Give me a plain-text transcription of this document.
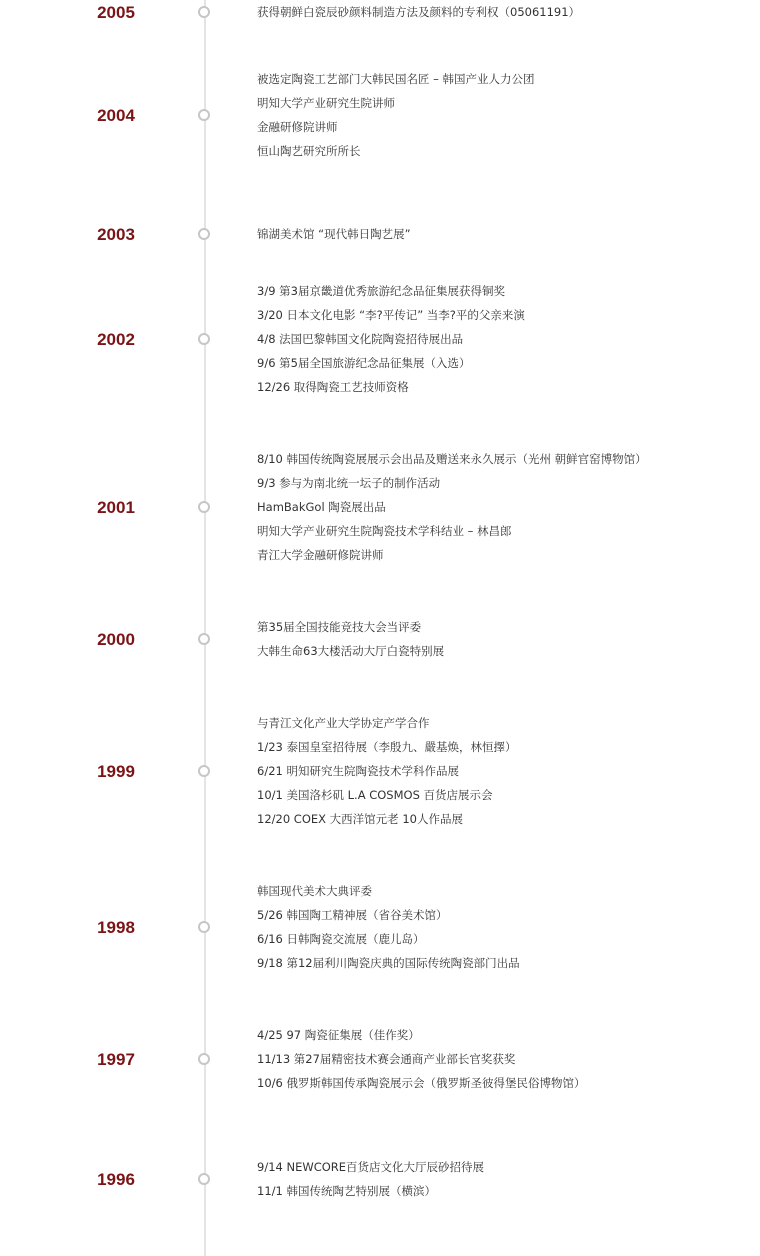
2005	获得朝鲜白瓷辰砂颜料制造方法及颜料的专利权（05061191）
2004
被选定陶瓷工艺部门大韩民国名匠 – 韩国产业人力公团
明知大学产业研究生院讲师
金融研修院讲师
恒山陶艺研究所所长
2003	锦湖美术馆 “现代韩日陶艺展”
2002
3/9 第3届京畿道优秀旅游纪念品征集展获得铜奖
3/20 日本文化电影 “李?平传记” 当李?平的父亲来演
4/8 法国巴黎韩国文化院陶瓷招待展出品
9/6 第5届全国旅游纪念品征集展（入选）
12/26 取得陶瓷工艺技师资格
2001
8/10 韩国传统陶瓷展展示会出品及赠送来永久展示（光州 朝鲜官窑博物馆）
9/3 参与为南北统一坛子的制作活动
HamBakGol 陶瓷展出品
明知大学产业研究生院陶瓷技术学科结业 – 林昌郎
青江大学金融研修院讲师
2000
第35届全国技能竞技大会当评委
大韩生命63大楼活动大厅白瓷特别展
1999
与青江文化产业大学协定产学合作
1/23 泰国皇室招待展（李殷九、嚴基焕，林恒擇）
6/21 明知研究生院陶瓷技术学科作品展
10/1 美国洛杉矶 L.A COSMOS 百货店展示会
12/20 COEX 大西洋馆元老 10人作品展
1998
韩国现代美术大典评委
5/26 韩国陶工精神展（省谷美术馆）
6/16 日韩陶瓷交流展（鹿儿岛）
9/18 第12届利川陶瓷庆典的国际传统陶瓷部门出品
1997
4/25 97 陶瓷征集展（佳作奖）
11/13 第27届精密技术赛会通商产业部长官奖获奖
10/6 俄罗斯韩国传承陶瓷展示会（俄罗斯圣彼得堡民俗博物馆）
1996
9/14 NEWCORE百货店文化大厅辰砂招待展
11/1 韩国传统陶艺特别展（横滨）
